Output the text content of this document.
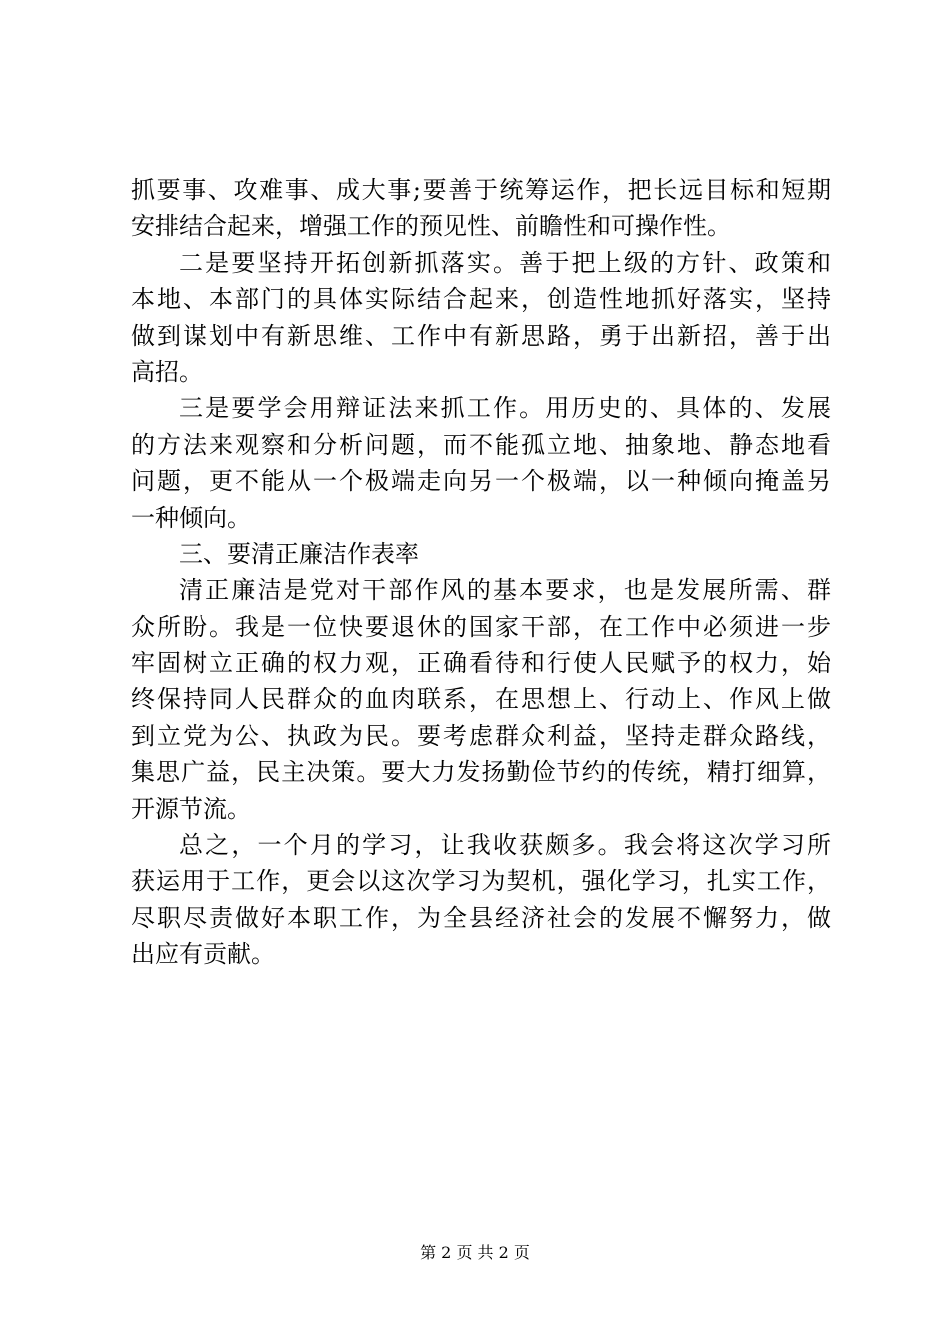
抓要事、攻难事、成大事;要善于统筹运作，把长远目标和短期
安排结合起来，增强工作的预见性、前瞻性和可操作性。
二是要坚持开拓创新抓落实。善于把上级的方针、政策和
本地、本部门的具体实际结合起来，创造性地抓好落实，坚持
做到谋划中有新思维、工作中有新思路，勇于出新招，善于出
高招。
三是要学会用辩证法来抓工作。用历史的、具体的、发展
的方法来观察和分析问题，而不能孤立地、抽象地、静态地看
问题，更不能从一个极端走向另一个极端，以一种倾向掩盖另
一种倾向。
三、要清正廉洁作表率
清正廉洁是党对干部作风的基本要求，也是发展所需、群
众所盼。我是一位快要退休的国家干部，在工作中必须进一步
牢固树立正确的权力观，正确看待和行使人民赋予的权力，始
终保持同人民群众的血肉联系，在思想上、行动上、作风上做
到立党为公、执政为民。要考虑群众利益，坚持走群众路线，
集思广益，民主决策。要大力发扬勤俭节约的传统，精打细算，
开源节流。
总之，一个月的学习，让我收获颇多。我会将这次学习所
获运用于工作，更会以这次学习为契机，强化学习，扎实工作，
尽职尽责做好本职工作，为全县经济社会的发展不懈努力，做
出应有贡献。
第 2 页 共 2 页
